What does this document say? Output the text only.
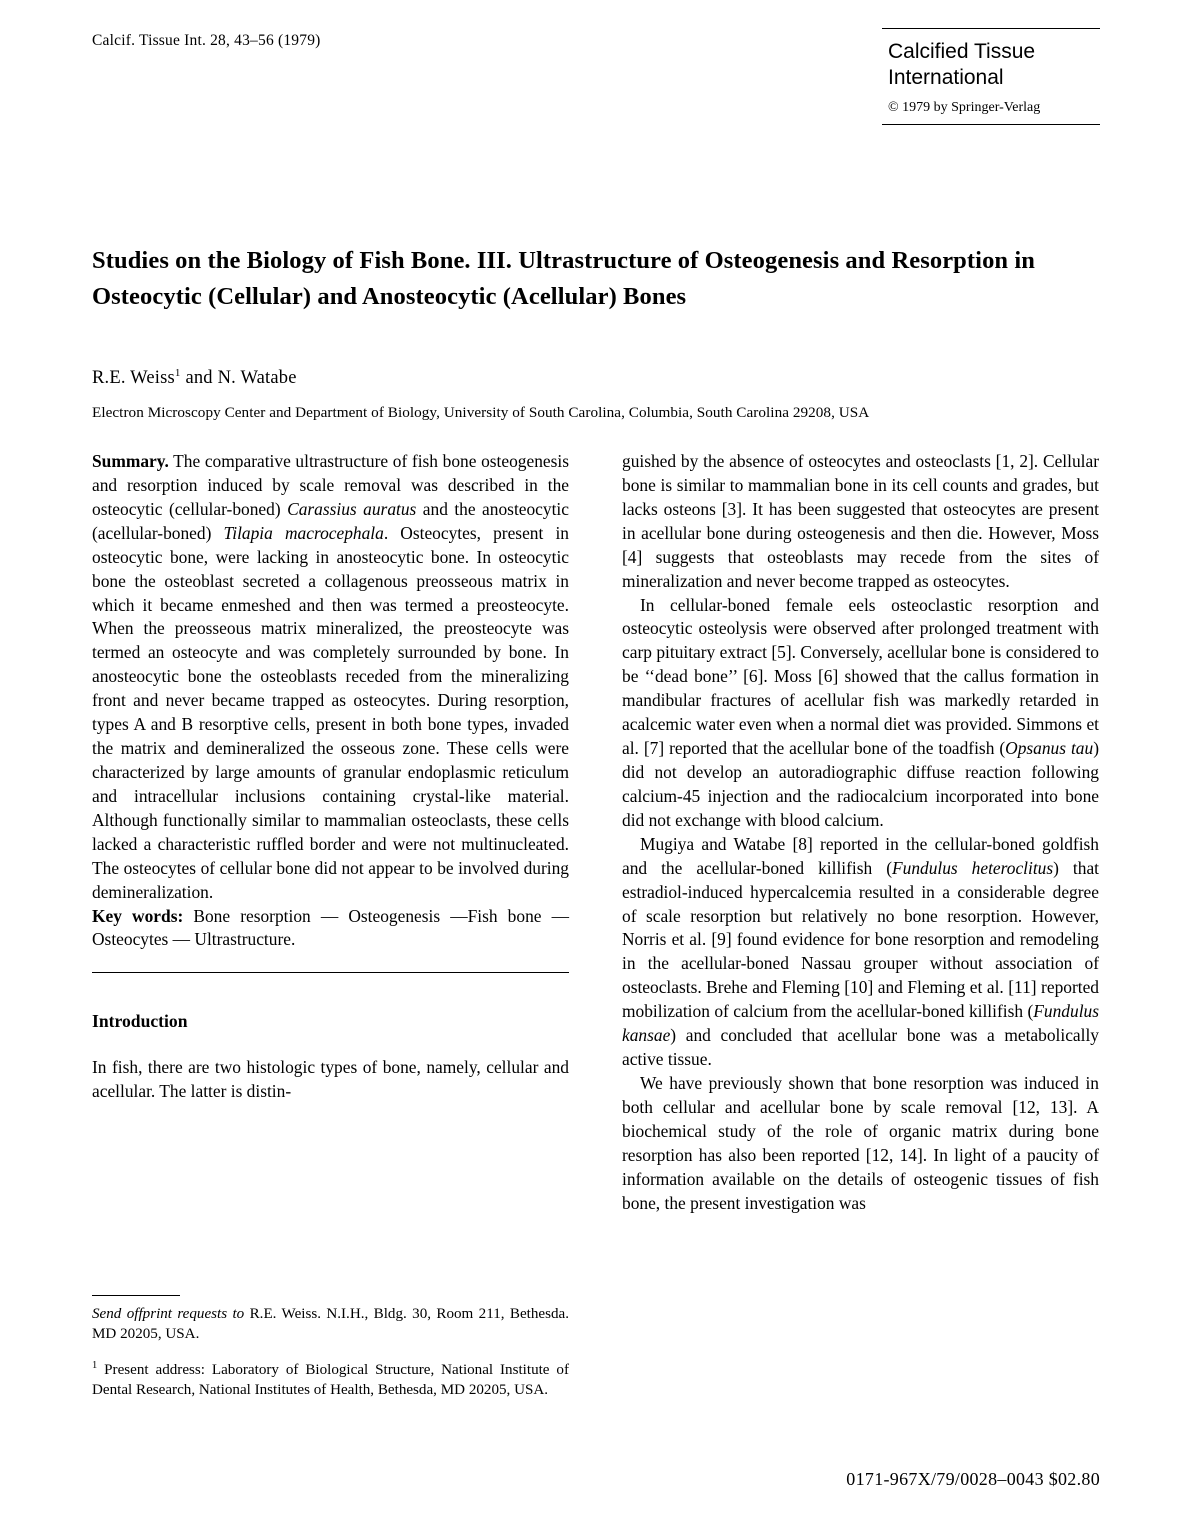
Calcif. Tissue Int. 28, 43–56 (1979)	Calcified Tissue
International
© 1979 by Springer-Verlag
Studies on the Biology of Fish Bone. III. Ultrastructure of Osteogenesis and Resorption in Osteocytic (Cellular) and Anosteocytic (Acellular) Bones
R.E. Weiss$^1$ and N. Watabe
Electron Microscopy Center and Department of Biology, University of South Carolina, Columbia, South Carolina 29208, USA

Summary. The comparative ultrastructure of fish bone osteogenesis and resorption induced by scale removal was described in the osteocytic (cellular-boned) Carassius auratus and the anosteocytic (acellular-boned) Tilapia macrocephala. Osteocytes, present in osteocytic bone, were lacking in anosteocytic bone. In osteocytic bone the osteoblast secreted a collagenous preosseous matrix in which it became enmeshed and then was termed a preosteocyte. When the preosseous matrix mineralized, the preosteocyte was termed an osteocyte and was completely surrounded by bone. In anosteocytic bone the osteoblasts receded from the mineralizing front and never became trapped as osteocytes. During resorption, types A and B resorptive cells, present in both bone types, invaded the matrix and demineralized the osseous zone. These cells were characterized by large amounts of granular endoplasmic reticulum and intracellular inclusions containing crystal-like material. Although functionally similar to mammalian osteoclasts, these cells lacked a characteristic ruffled border and were not multinucleated. The osteocytes of cellular bone did not appear to be involved during demineralization.

Key words: Bone resorption — Osteogenesis —Fish bone — Osteocytes — Ultrastructure.

Introduction

In fish, there are two histologic types of bone, namely, cellular and acellular. The latter is distin-

guished by the absence of osteocytes and osteoclasts [1, 2]. Cellular bone is similar to mammalian bone in its cell counts and grades, but lacks osteons [3]. It has been suggested that osteocytes are present in acellular bone during osteogenesis and then die. However, Moss [4] suggests that osteoblasts may recede from the sites of mineralization and never become trapped as osteocytes.

In cellular-boned female eels osteoclastic resorption and osteocytic osteolysis were observed after prolonged treatment with carp pituitary extract [5]. Conversely, acellular bone is considered to be ‘‘dead bone’’ [6]. Moss [6] showed that the callus formation in mandibular fractures of acellular fish was markedly retarded in acalcemic water even when a normal diet was provided. Simmons et al. [7] reported that the acellular bone of the toadfish (Opsanus tau) did not develop an autoradiographic diffuse reaction following calcium-45 injection and the radiocalcium incorporated into bone did not exchange with blood calcium.

Mugiya and Watabe [8] reported in the cellular-boned goldfish and the acellular-boned killifish (Fundulus heteroclitus) that estradiol-induced hypercalcemia resulted in a considerable degree of scale resorption but relatively no bone resorption. However, Norris et al. [9] found evidence for bone resorption and remodeling in the acellular-boned Nassau grouper without association of osteoclasts. Brehe and Fleming [10] and Fleming et al. [11] reported mobilization of calcium from the acellular-boned killifish (Fundulus kansae) and concluded that acellular bone was a metabolically active tissue.

We have previously shown that bone resorption was induced in both cellular and acellular bone by scale removal [12, 13]. A biochemical study of the role of organic matrix during bone resorption has also been reported [12, 14]. In light of a paucity of information available on the details of osteogenic tissues of fish bone, the present investigation was

Send offprint requests to R.E. Weiss. N.I.H., Bldg. 30, Room 211, Bethesda. MD 20205, USA.

$^1$ Present address: Laboratory of Biological Structure, National Institute of Dental Research, National Institutes of Health, Bethesda, MD 20205, USA.

0171-967X/79/0028–0043 $02.80
